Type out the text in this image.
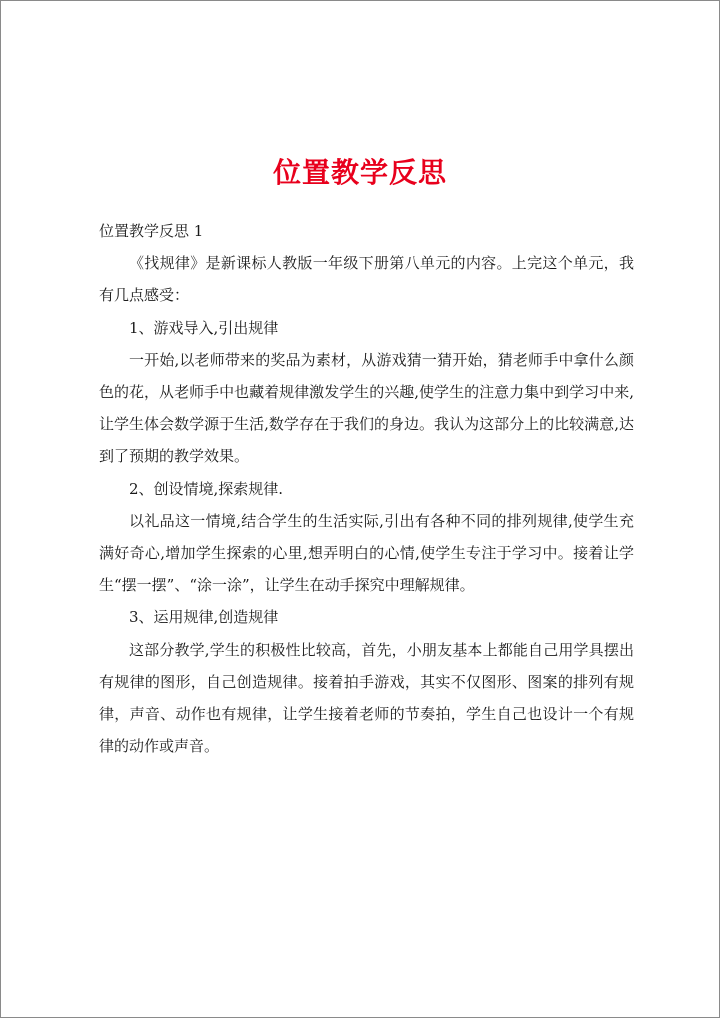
位置教学反思

位置教学反思 1

《找规律》是新课标人教版一年级下册第八单元的内容。上完这个单元，我有几点感受：

1、游戏导入,引出规律

一开始,以老师带来的奖品为素材，从游戏猜一猜开始，猜老师手中拿什么颜色的花，从老师手中也藏着规律激发学生的兴趣,使学生的注意力集中到学习中来,让学生体会数学源于生活,数学存在于我们的身边。我认为这部分上的比较满意,达到了预期的教学效果。

2、创设情境,探索规律.

以礼品这一情境,结合学生的生活实际,引出有各种不同的排列规律,使学生充满好奇心,增加学生探索的心里,想弄明白的心情,使学生专注于学习中。接着让学生“摆一摆”、“涂一涂”，让学生在动手探究中理解规律。

3、运用规律,创造规律

这部分教学,学生的积极性比较高，首先，小朋友基本上都能自己用学具摆出有规律的图形，自己创造规律。接着拍手游戏，其实不仅图形、图案的排列有规律，声音、动作也有规律，让学生接着老师的节奏拍，学生自己也设计一个有规律的动作或声音。
